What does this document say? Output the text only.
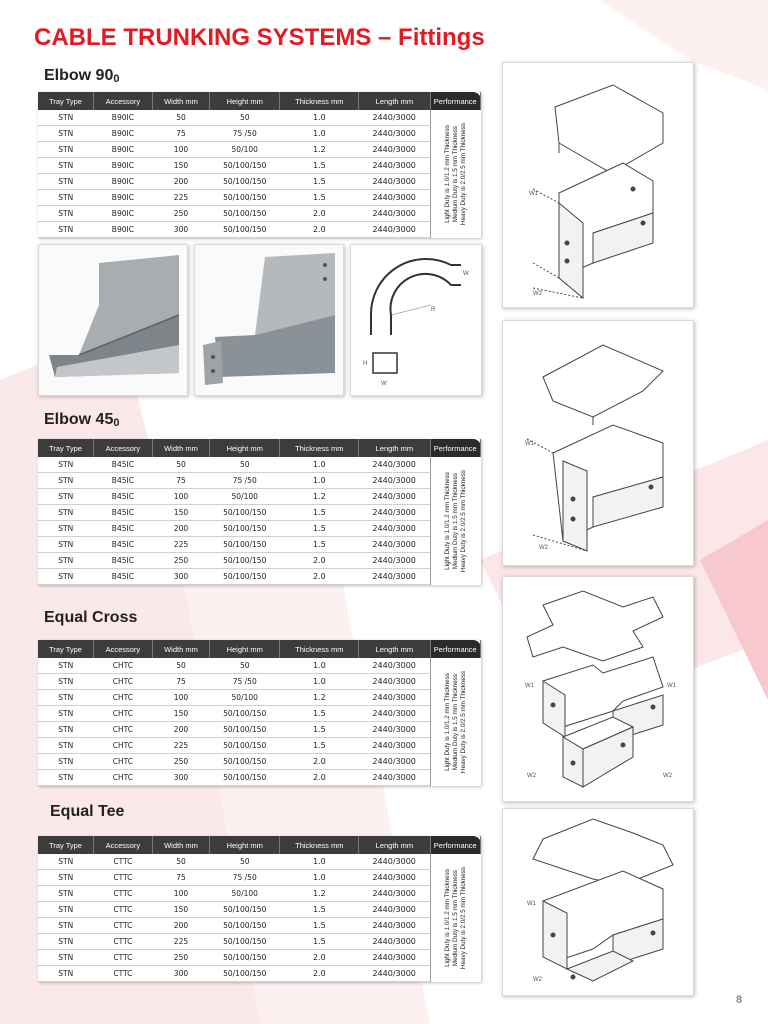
CABLE TRUNKING SYSTEMS – Fittings
Elbow $90_0$
Tray Type	Accessory	Width mm	Height mm	Thickness mm	Length mm	Performance
STN	B90IC	50	50	1.0	2440/3000	Light Duty is 1.0/1.2 mm Thickness Medium Duty is 1.5 mm Thickness Heavy Duty is 2.0/2.5 mm Thickness

STN	B90IC	75	75 /50	1.0	2440/3000	
STN	B90IC	100	50/100	1.2	2440/3000	
STN	B90IC	150	50/100/150	1.5	2440/3000	
STN	B90IC	200	50/100/150	1.5	2440/3000	
STN	B90IC	225	50/100/150	1.5	2440/3000	
STN	B90IC	250	50/100/150	2.0	2440/3000	
STN	B90IC	300	50/100/150	2.0	2440/3000	
R
W
H
W
Elbow $45_0$
Tray Type	Accessory	Width mm	Height mm	Thickness mm	Length mm	Performance
STN	B45IC	50	50	1.0	2440/3000	Light Duty is 1.0/1.2 mm Thickness Medium Duty is 1.5 mm Thickness Heavy Duty is 2.0/2.5 mm Thickness

STN	B45IC	75	75 /50	1.0	2440/3000	
STN	B45IC	100	50/100	1.2	2440/3000	
STN	B45IC	150	50/100/150	1.5	2440/3000	
STN	B45IC	200	50/100/150	1.5	2440/3000	
STN	B45IC	225	50/100/150	1.5	2440/3000	
STN	B45IC	250	50/100/150	2.0	2440/3000	
STN	B45IC	300	50/100/150	2.0	2440/3000	
Equal Cross
Tray Type	Accessory	Width mm	Height mm	Thickness mm	Length mm	Performance
STN	CHTC	50	50	1.0	2440/3000	Light Duty is 1.0/1.2 mm Thickness Medium Duty is 1.5 mm Thickness Heavy Duty is 2.0/2.5 mm Thickness

STN	CHTC	75	75 /50	1.0	2440/3000	
STN	CHTC	100	50/100	1.2	2440/3000	
STN	CHTC	150	50/100/150	1.5	2440/3000	
STN	CHTC	200	50/100/150	1.5	2440/3000	
STN	CHTC	225	50/100/150	1.5	2440/3000	
STN	CHTC	250	50/100/150	2.0	2440/3000	
STN	CHTC	300	50/100/150	2.0	2440/3000	
Equal Tee
Tray Type	Accessory	Width mm	Height mm	Thickness mm	Length mm	Performance
STN	CTTC	50	50	1.0	2440/3000	Light Duty is 1.0/1.2 mm Thickness Medium Duty is 1.5 mm Thickness Heavy Duty is 2.0/2.5 mm Thickness

STN	CTTC	75	75 /50	1.0	2440/3000	
STN	CTTC	100	50/100	1.2	2440/3000	
STN	CTTC	150	50/100/150	1.5	2440/3000	
STN	CTTC	200	50/100/150	1.5	2440/3000	
STN	CTTC	225	50/100/150	1.5	2440/3000	
STN	CTTC	250	50/100/150	2.0	2440/3000	
STN	CTTC	300	50/100/150	2.0	2440/3000	
W1
W2
W1
W2
W1	W1
W2	W2
W1
W2
8
